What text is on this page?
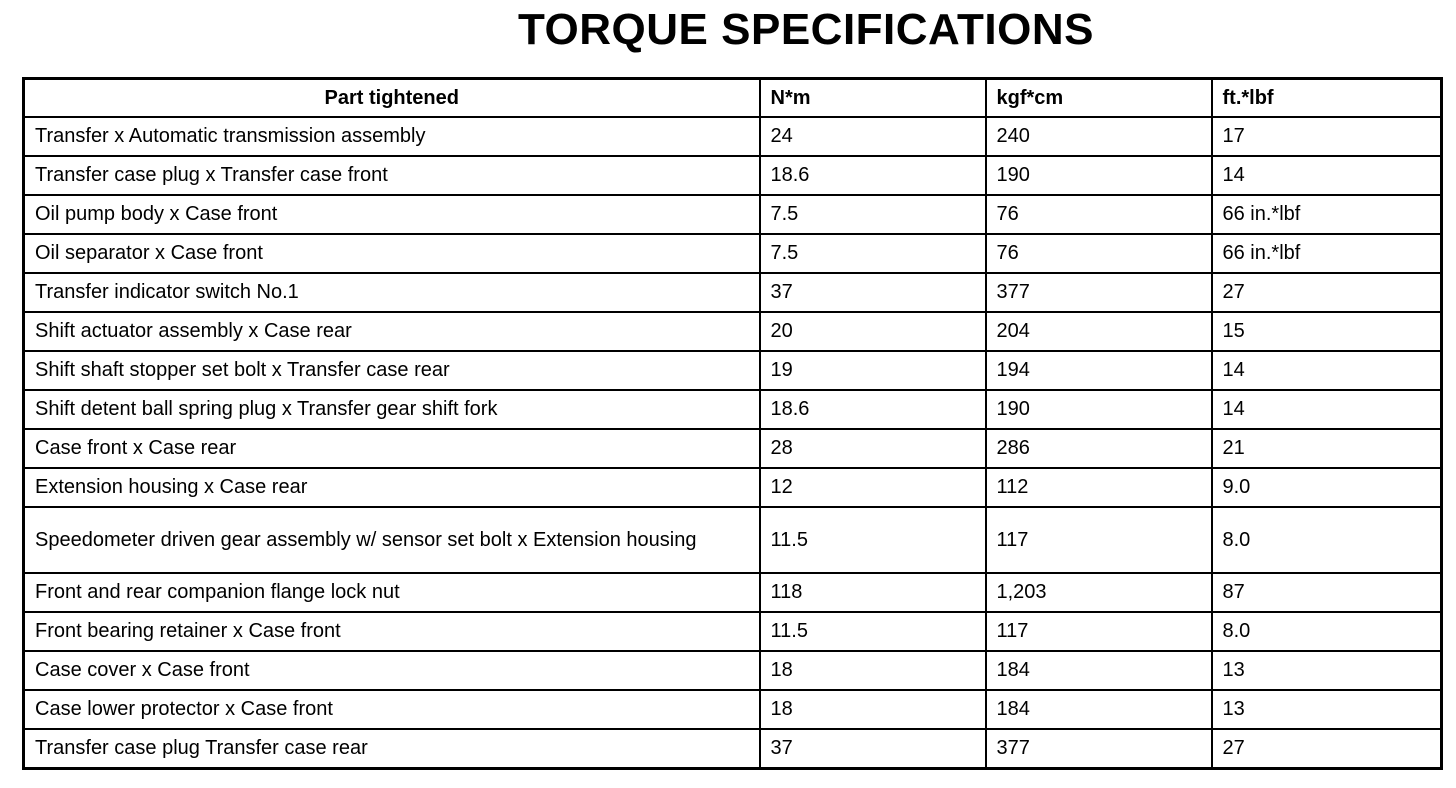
TORQUE SPECIFICATIONS
Part tightened	N*m	kgf*cm	ft.*lbf
Transfer x Automatic transmission assembly	24	240	17
Transfer case plug x Transfer case front	18.6	190	14
Oil pump body x Case front	7.5	76	66 in.*lbf
Oil separator x Case front	7.5	76	66 in.*lbf
Transfer indicator switch No.1	37	377	27
Shift actuator assembly x Case rear	20	204	15
Shift shaft stopper set bolt x Transfer case rear	19	194	14
Shift detent ball spring plug x Transfer gear shift fork	18.6	190	14
Case front x Case rear	28	286	21
Extension housing x Case rear	12	112	9.0
Speedometer driven gear assembly w/ sensor set bolt x Extension housing	11.5	117	8.0
Front and rear companion flange lock nut	118	1,203	87
Front bearing retainer x Case front	11.5	117	8.0
Case cover x Case front	18	184	13
Case lower protector x Case front	18	184	13
Transfer case plug Transfer case rear	37	377	27
